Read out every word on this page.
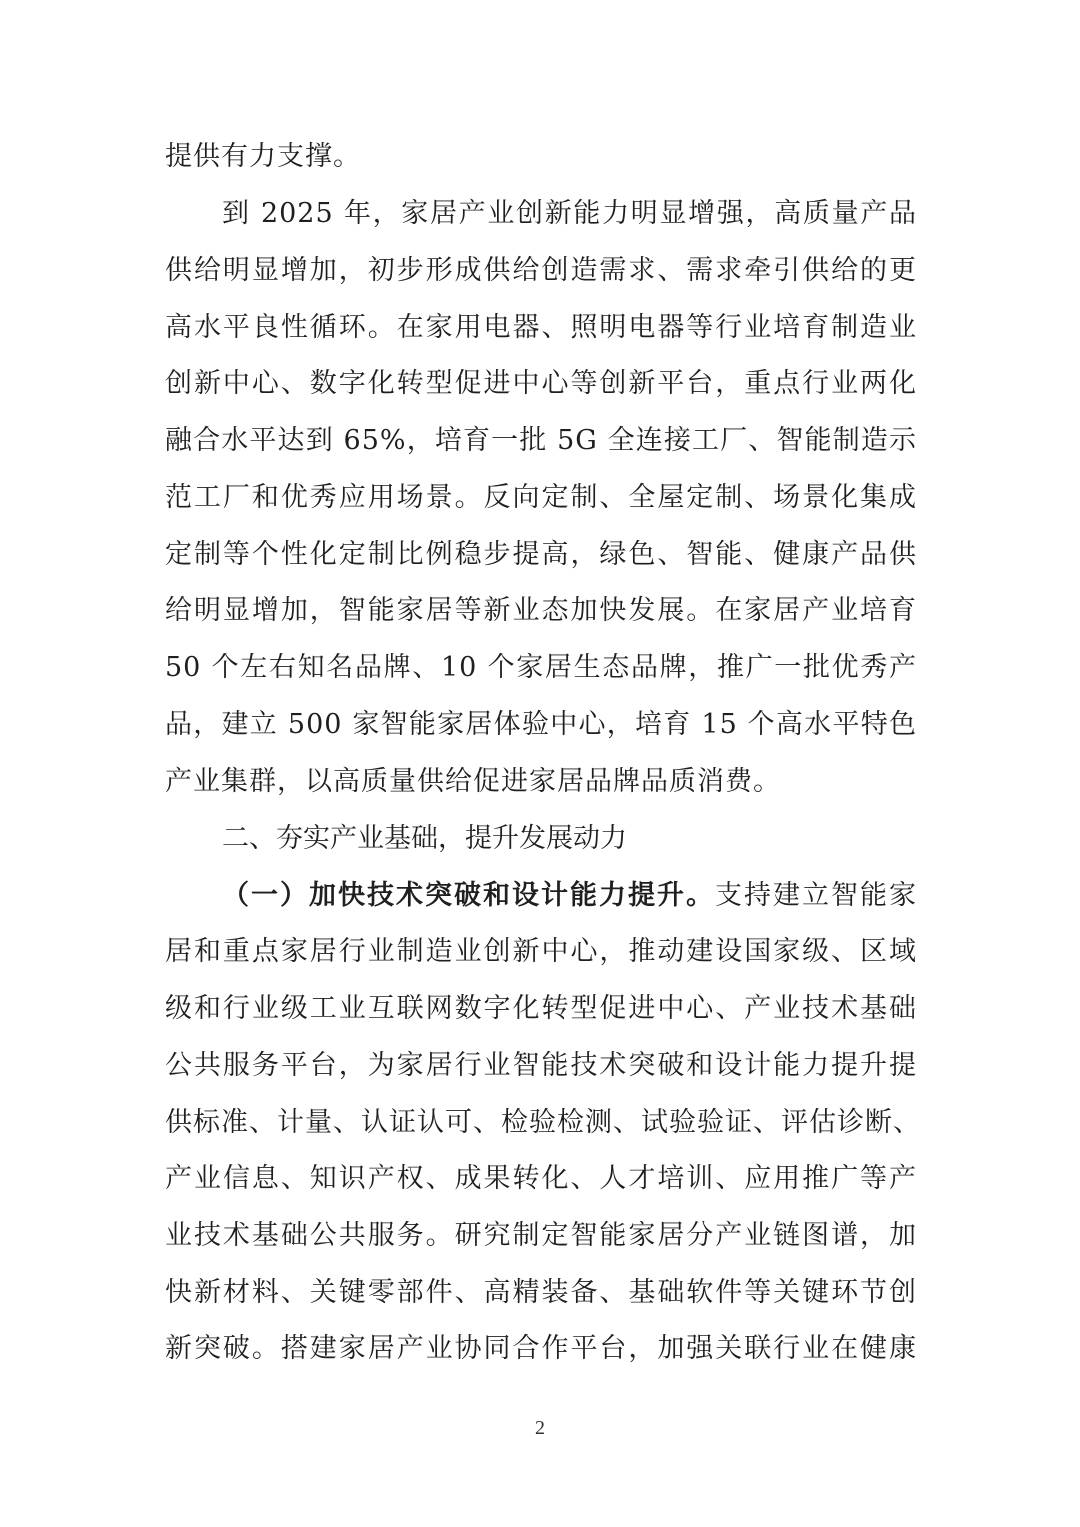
提供有力支撑。

到 2025 年，家居产业创新能力明显增强，高质量产品

供给明显增加，初步形成供给创造需求、需求牵引供给的更

高水平良性循环。在家用电器、照明电器等行业培育制造业

创新中心、数字化转型促进中心等创新平台，重点行业两化

融合水平达到 65%，培育一批 5G 全连接工厂、智能制造示

范工厂和优秀应用场景。反向定制、全屋定制、场景化集成

定制等个性化定制比例稳步提高，绿色、智能、健康产品供

给明显增加，智能家居等新业态加快发展。在家居产业培育

50 个左右知名品牌、10 个家居生态品牌，推广一批优秀产

品，建立 500 家智能家居体验中心，培育 15 个高水平特色

产业集群，以高质量供给促进家居品牌品质消费。

二、夯实产业基础，提升发展动力

（一）加快技术突破和设计能力提升。支持建立智能家

居和重点家居行业制造业创新中心，推动建设国家级、区域

级和行业级工业互联网数字化转型促进中心、产业技术基础

公共服务平台，为家居行业智能技术突破和设计能力提升提

供标准、计量、认证认可、检验检测、试验验证、评估诊断、

产业信息、知识产权、成果转化、人才培训、应用推广等产

业技术基础公共服务。研究制定智能家居分产业链图谱，加

快新材料、关键零部件、高精装备、基础软件等关键环节创

新突破。搭建家居产业协同合作平台，加强关联行业在健康

2
